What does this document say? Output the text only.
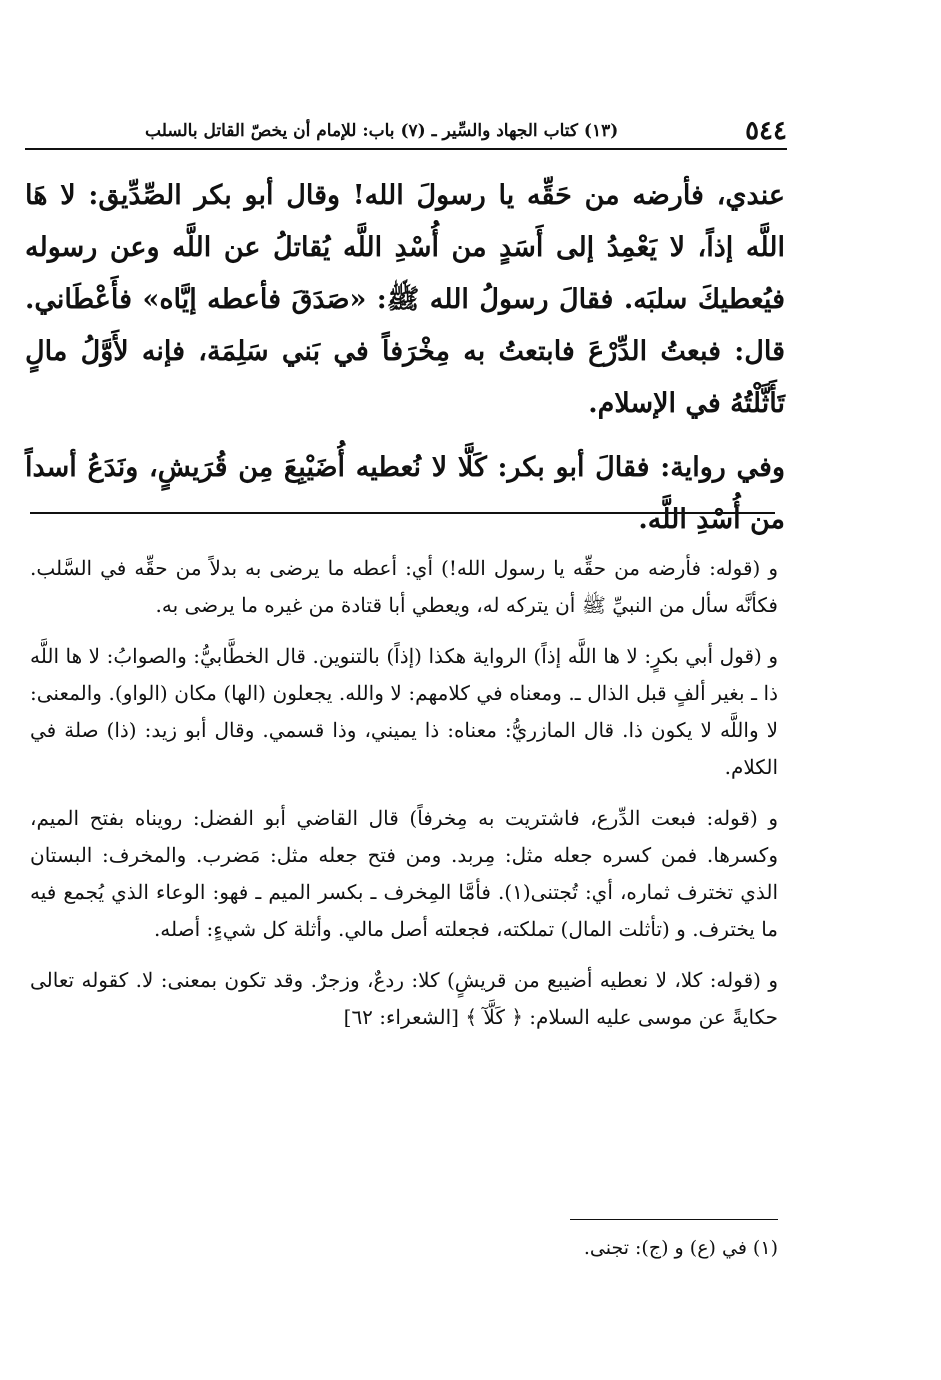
٥٤٤
(١٣) كتاب الجهاد والسِّير ـ (٧) باب: للإمام أن يخصّ القاتل بالسلب

عندي، فأرضه من حَقِّه يا رسولَ الله! وقال أبو بكر الصِّدِّيق: لا هَا اللَّه إذاً، لا يَعْمِدُ إلى أَسَدٍ من أُسْدِ اللَّه يُقاتلُ عن اللَّه وعن رسوله فيُعطيكَ سلبَه. فقالَ رسولُ الله ﷺ: «صَدَقَ فأعطه إيَّاه» فأَعْطَاني. قال: فبعتُ الدِّرْعَ فابتعتُ به مِخْرَفاً في بَني سَلِمَة، فإنه لأَوَّلُ مالٍ تَأَثَّلْتُهُ في الإسلام.

وفي رواية: فقالَ أبو بكر: كَلَّا لا نُعطيه أُضَيْبِعَ مِن قُرَيشٍ، ونَدَعُ أسداً من أُسْدِ اللَّه.

و (قوله: فأرضه من حقِّه يا رسول الله!) أي: أعطه ما يرضى به بدلاً من حقِّه في السَّلب. فكأنَّه سأل من النبيِّ ﷺ أن يتركه له، ويعطي أبا قتادة من غيره ما يرضى به.

و (قول أبي بكرٍ: لا ها اللَّه إذاً) الرواية هكذا (إذاً) بالتنوين. قال الخطَّابيُّ: والصوابُ: لا ها اللَّه ذا ـ بغير ألفٍ قبل الذال ـ. ومعناه في كلامهم: لا والله. يجعلون (الها) مكان (الواو). والمعنى: لا واللَّه لا يكون ذا. قال المازريُّ: معناه: ذا يميني، وذا قسمي. وقال أبو زيد: (ذا) صلة في الكلام.

و (قوله: فبعت الدِّرع، فاشتريت به مِخرفاً) قال القاضي أبو الفضل: رويناه بفتح الميم، وكسرها. فمن كسره جعله مثل: مِربد. ومن فتح جعله مثل: مَضرب. والمخرف: البستان الذي تخترف ثماره، أي: تُجتنى(١). فأمَّا المِخرف ـ بكسر الميم ـ فهو: الوعاء الذي يُجمع فيه ما يخترف. و (تأثلت المال) تملكته، فجعلته أصل مالي. وأثلة كل شيءٍ: أصله.

و (قوله: كلا، لا نعطيه أضيبع من قريشٍ) كلا: ردعٌ، وزجرٌ. وقد تكون بمعنى: لا. كقوله تعالى حكايةً عن موسى عليه السلام: ﴿ كَلَّآ ﴾ [الشعراء: ٦٢]

(١) في (ع) و (ج): تجنى.
